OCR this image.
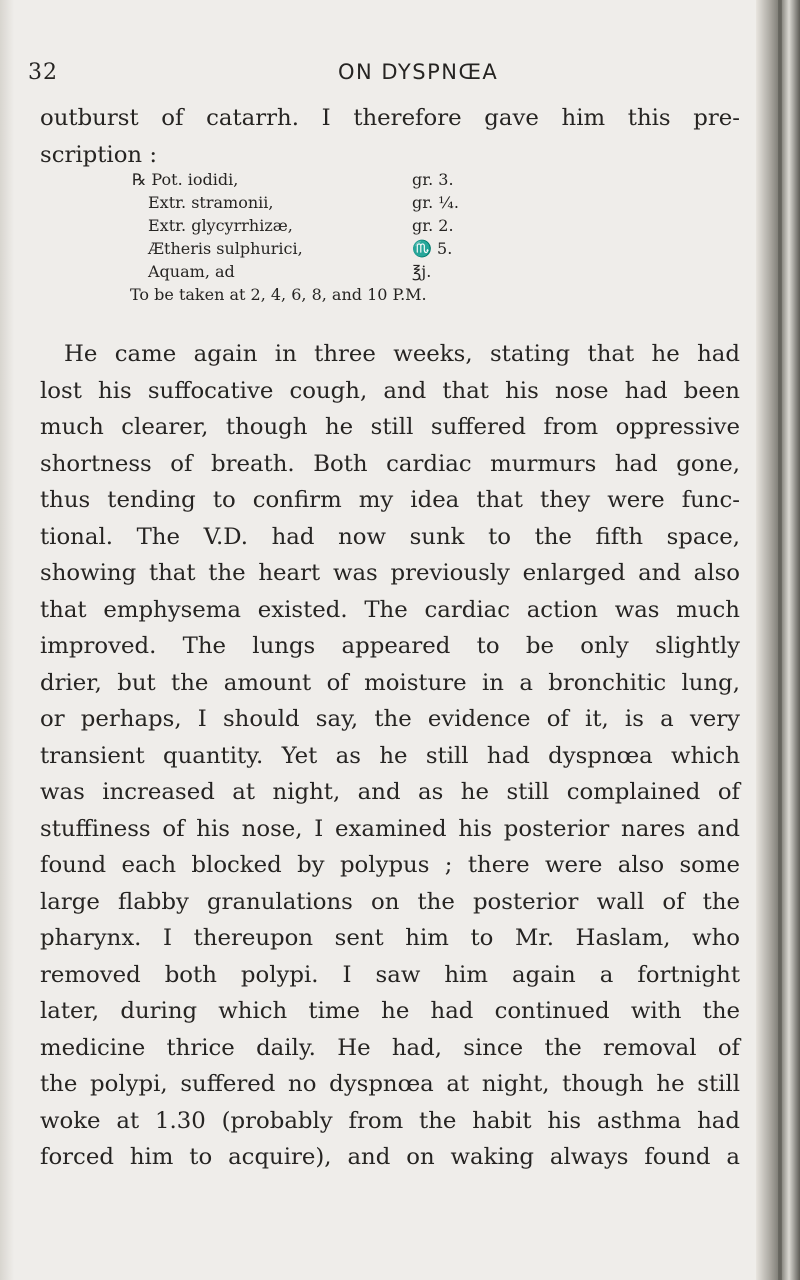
32	ON DYSPNŒA

outburst of catarrh. I therefore gave him this pre-
scription :

℞ Pot. iodidi,	gr. 3.
Extr. stramonii,	gr. ¼.
Extr. glycyrrhizæ,	gr. 2.
Ætheris sulphurici,	♏ 5.
Aquam, ad	℥j.
To be taken at 2, 4, 6, 8, and 10 P.M.

He came again in three weeks, stating that he had
lost his suffocative cough, and that his nose had been
much clearer, though he still suffered from oppressive
shortness of breath. Both cardiac murmurs had gone,
thus tending to confirm my idea that they were func-
tional. The V.D. had now sunk to the fifth space,
showing that the heart was previously enlarged and also
that emphysema existed. The cardiac action was much
improved. The lungs appeared to be only slightly
drier, but the amount of moisture in a bronchitic lung,
or perhaps, I should say, the evidence of it, is a very
transient quantity. Yet as he still had dyspnœa which
was increased at night, and as he still complained of
stuffiness of his nose, I examined his posterior nares and
found each blocked by polypus ; there were also some
large flabby granulations on the posterior wall of the
pharynx. I thereupon sent him to Mr. Haslam, who
removed both polypi. I saw him again a fortnight
later, during which time he had continued with the
medicine thrice daily. He had, since the removal of
the polypi, suffered no dyspnœa at night, though he still
woke at 1.30 (probably from the habit his asthma had
forced him to acquire), and on waking always found a
